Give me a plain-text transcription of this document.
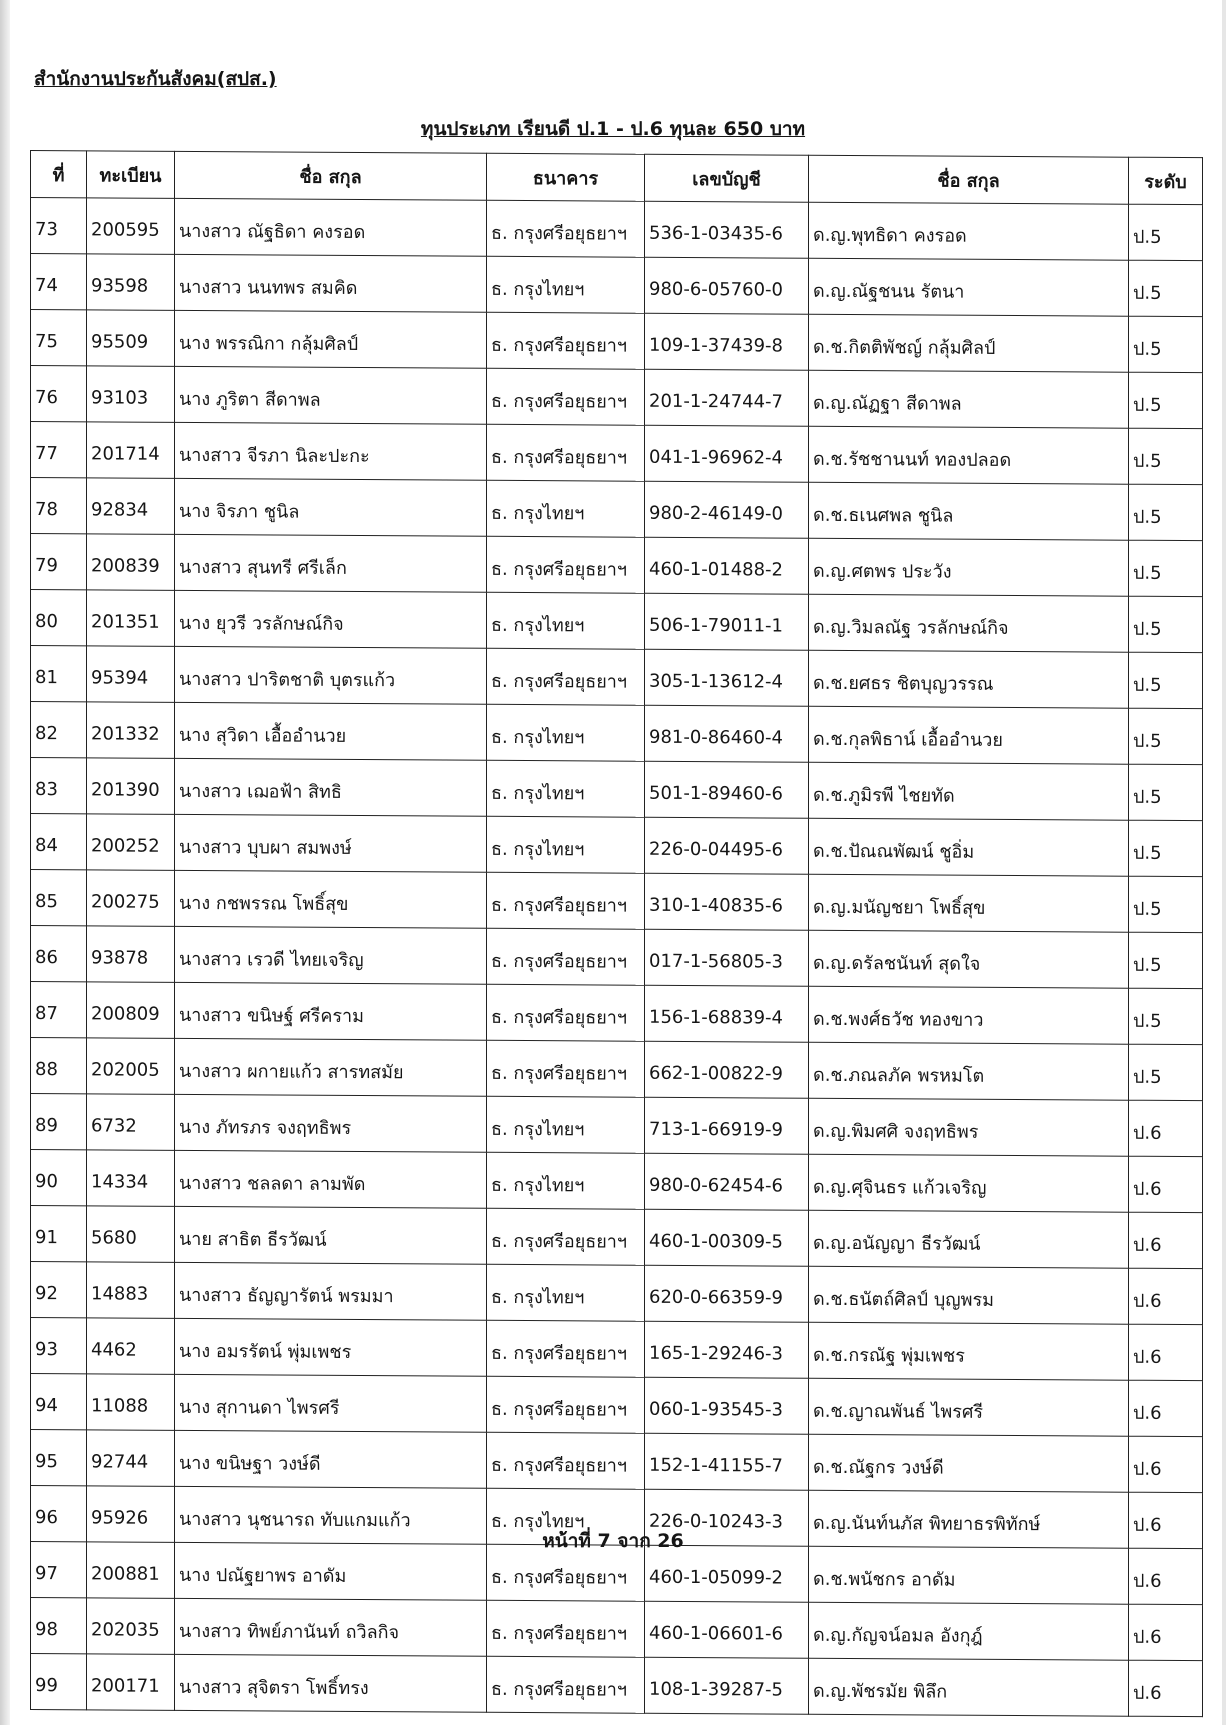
สำนักงานประกันสังคม(สปส.)
ทุนประเภท เรียนดี ป.1 - ป.6 ทุนละ 650 บาท
ที่	ทะเบียน	ชื่อ สกุล	ธนาคาร	เลขบัญชี	ชื่อ สกุล	ระดับ
73	200595	นางสาว ณัฐธิดา คงรอด	ธ. กรุงศรีอยุธยาฯ	536-1-03435-6	ด.ญ.พุทธิดา คงรอด	ป.5
74	93598	นางสาว นนทพร สมคิด	ธ. กรุงไทยฯ	980-6-05760-0	ด.ญ.ณัฐชนน รัตนา	ป.5
75	95509	นาง พรรณิกา กลุ้มศิลป์	ธ. กรุงศรีอยุธยาฯ	109-1-37439-8	ด.ช.กิตติพัชญ์ กลุ้มศิลป์	ป.5
76	93103	นาง ภูริตา สีดาพล	ธ. กรุงศรีอยุธยาฯ	201-1-24744-7	ด.ญ.ณัฏฐา สีดาพล	ป.5
77	201714	นางสาว จีรภา นิละปะกะ	ธ. กรุงศรีอยุธยาฯ	041-1-96962-4	ด.ช.รัชชานนท์ ทองปลอด	ป.5
78	92834	นาง จิรภา ชูนิล	ธ. กรุงไทยฯ	980-2-46149-0	ด.ช.ธเนศพล ชูนิล	ป.5
79	200839	นางสาว สุนทรี ศรีเล็ก	ธ. กรุงศรีอยุธยาฯ	460-1-01488-2	ด.ญ.ศตพร ประวัง	ป.5
80	201351	นาง ยุวรี วรลักษณ์กิจ	ธ. กรุงไทยฯ	506-1-79011-1	ด.ญ.วิมลณัฐ วรลักษณ์กิจ	ป.5
81	95394	นางสาว ปาริตชาติ บุตรแก้ว	ธ. กรุงศรีอยุธยาฯ	305-1-13612-4	ด.ช.ยศธร ชิตบุญวรรณ	ป.5
82	201332	นาง สุวิดา เอื้ออำนวย	ธ. กรุงไทยฯ	981-0-86460-4	ด.ช.กุลพิธาน์ เอื้ออำนวย	ป.5
83	201390	นางสาว เฌอฟ้า สิทธิ	ธ. กรุงไทยฯ	501-1-89460-6	ด.ช.ภูมิรพี ไชยทัด	ป.5
84	200252	นางสาว บุบผา สมพงษ์	ธ. กรุงไทยฯ	226-0-04495-6	ด.ช.ปัณณพัฒน์ ชูอิ่ม	ป.5
85	200275	นาง กชพรรณ โพธิ์สุข	ธ. กรุงศรีอยุธยาฯ	310-1-40835-6	ด.ญ.มนัญชยา โพธิ์สุข	ป.5
86	93878	นางสาว เรวดี ไทยเจริญ	ธ. กรุงศรีอยุธยาฯ	017-1-56805-3	ด.ญ.ดรัลชนันท์ สุดใจ	ป.5
87	200809	นางสาว ขนิษฐ์ ศรีคราม	ธ. กรุงศรีอยุธยาฯ	156-1-68839-4	ด.ช.พงศ์ธวัช ทองขาว	ป.5
88	202005	นางสาว ผกายแก้ว สารทสมัย	ธ. กรุงศรีอยุธยาฯ	662-1-00822-9	ด.ช.ภณลภัค พรหมโต	ป.5
89	6732	นาง ภัทรภร จงฤทธิพร	ธ. กรุงไทยฯ	713-1-66919-9	ด.ญ.พิมศศิ จงฤทธิพร	ป.6
90	14334	นางสาว ชลลดา ลามพัด	ธ. กรุงไทยฯ	980-0-62454-6	ด.ญ.ศุจินธร แก้วเจริญ	ป.6
91	5680	นาย สาธิต ธีรวัฒน์	ธ. กรุงศรีอยุธยาฯ	460-1-00309-5	ด.ญ.อนัญญา ธีรวัฒน์	ป.6
92	14883	นางสาว ธัญญารัตน์ พรมมา	ธ. กรุงไทยฯ	620-0-66359-9	ด.ช.ธนัตถ์ศิลป์ บุญพรม	ป.6
93	4462	นาง อมรรัตน์ พุ่มเพชร	ธ. กรุงศรีอยุธยาฯ	165-1-29246-3	ด.ช.กรณัฐ พุ่มเพชร	ป.6
94	11088	นาง สุกานดา ไพรศรี	ธ. กรุงศรีอยุธยาฯ	060-1-93545-3	ด.ช.ญาณพันธ์ ไพรศรี	ป.6
95	92744	นาง ขนิษฐา วงษ์ดี	ธ. กรุงศรีอยุธยาฯ	152-1-41155-7	ด.ช.ณัฐกร วงษ์ดี	ป.6
96	95926	นางสาว นุชนารถ ทับแกมแก้ว	ธ. กรุงไทยฯ	226-0-10243-3	ด.ญ.นันท์นภัส พิทยาธรพิทักษ์	ป.6
97	200881	นาง ปณัฐยาพร อาดัม	ธ. กรุงศรีอยุธยาฯ	460-1-05099-2	ด.ช.พนัชกร อาดัม	ป.6
98	202035	นางสาว ทิพย์ภานันท์ ถวิลกิจ	ธ. กรุงศรีอยุธยาฯ	460-1-06601-6	ด.ญ.กัญจน์อมล อังกุฎ์	ป.6
99	200171	นางสาว สุจิตรา โพธิ์ทรง	ธ. กรุงศรีอยุธยาฯ	108-1-39287-5	ด.ญ.พัชรมัย พิลึก	ป.6
หน้าที่ 7 จาก 26
